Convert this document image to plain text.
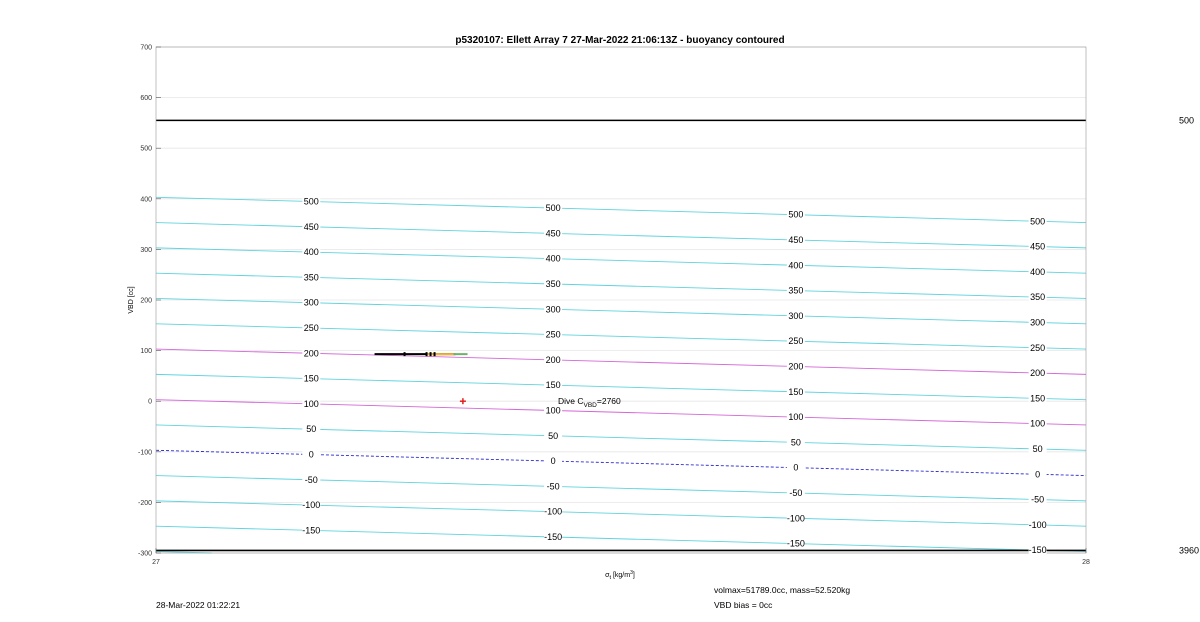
500
3960
700
600
500
400
300
200
100
0
-100
-200
-300
27	28
500
500
500
500
450
450
450
450
400
400
400
400
350
350
350
350
300
300
300
300
250
250
250
250
200
200
200
200
150
150
150
150
100
100
100
100
50
50
50
50
0
0
0
0
-50
-50
-50
-50
-100
-100
-100
-100
-150
-150
-150
-150
p5320107: Ellett Array 7 27-Mar-2022 21:06:13Z - buoyancy contoured
VBD [cc]
$\sigma_t$ $[kg/m^3]$
Dive $C_{VBD}=2760$
28-Mar-2022 01:22:21
volmax=51789.0cc, mass=52.520kg
VBD bias = 0cc
